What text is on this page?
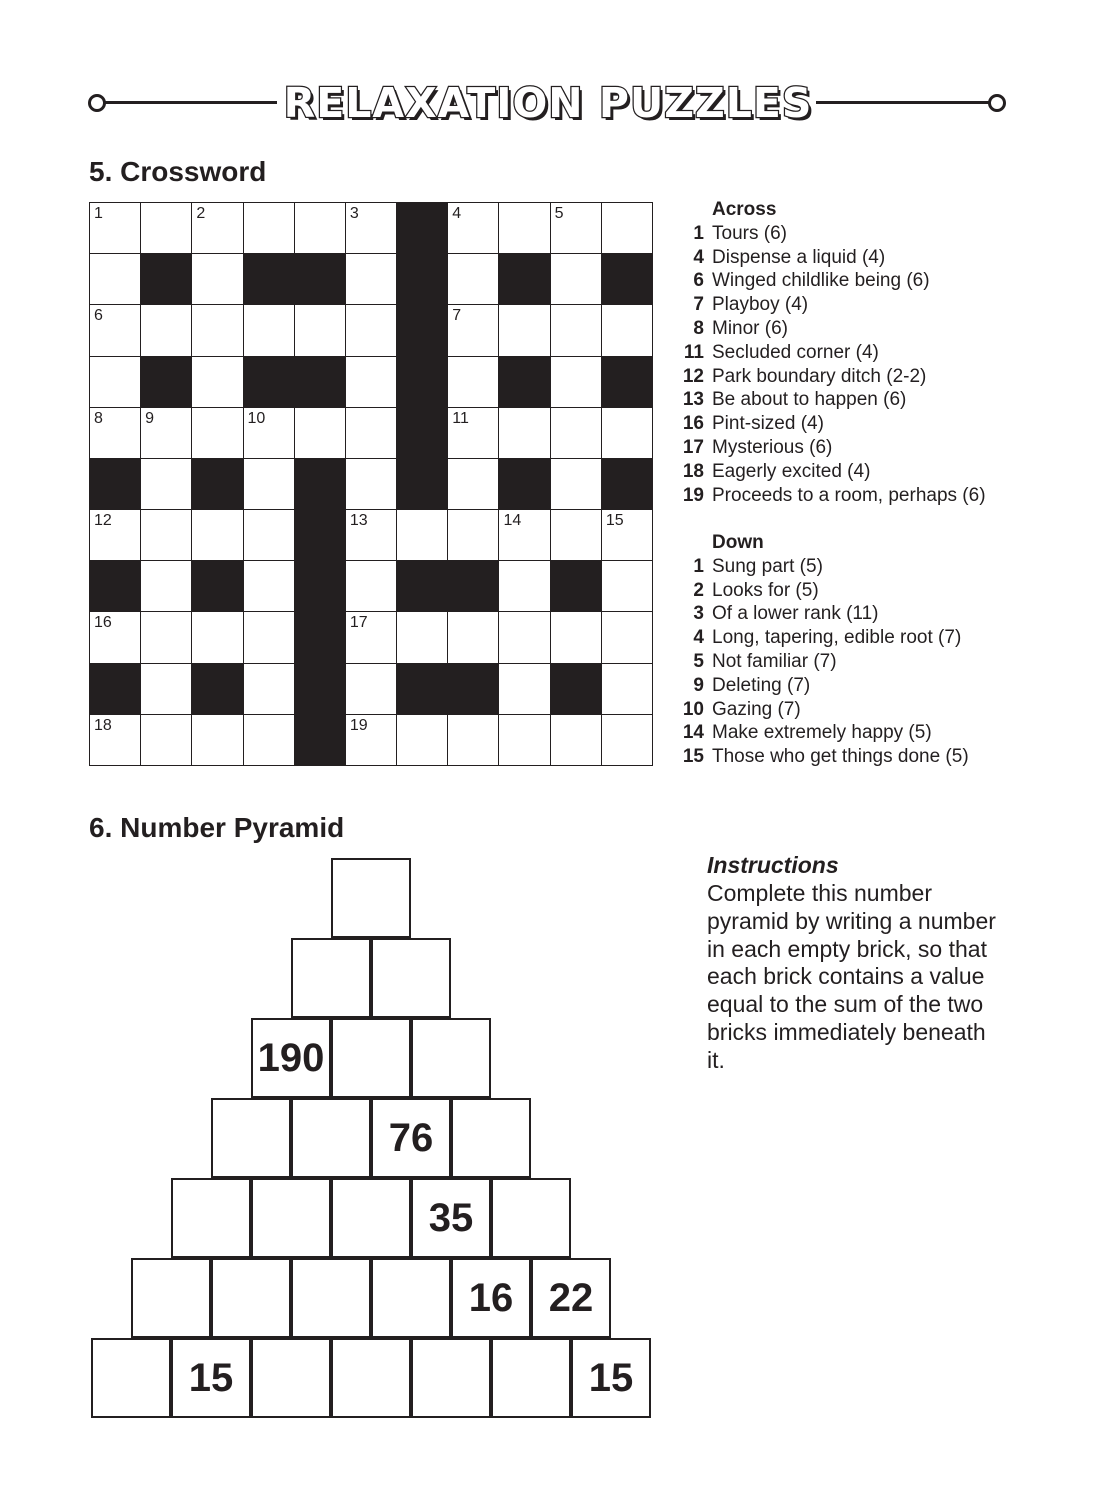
RELAXATION PUZZLES
5. Crossword
1	2	3	4	5
6	7
8	9	10	11
12	13	14	15
16	17
18	19
Across
1 Tours (6)
4 Dispense a liquid (4)
6 Winged childlike being (6)
7 Playboy (4)
8 Minor (6)
11 Secluded corner (4)
12 Park boundary ditch (2-2)
13 Be about to happen (6)
16 Pint-sized (4)
17 Mysterious (6)
18 Eagerly excited (4)
19 Proceeds to a room, perhaps (6)
Down
1 Sung part (5)
2 Looks for (5)
3 Of a lower rank (11)
4 Long, tapering, edible root (7)
5 Not familiar (7)
9 Deleting (7)
10 Gazing (7)
14 Make extremely happy (5)
15 Those who get things done (5)
6. Number Pyramid
190
76
35
16 22
15	15
Instructions
Complete this number pyramid by writing a number in each empty brick, so that each brick contains a value equal to the sum of the two bricks immediately beneath it.
